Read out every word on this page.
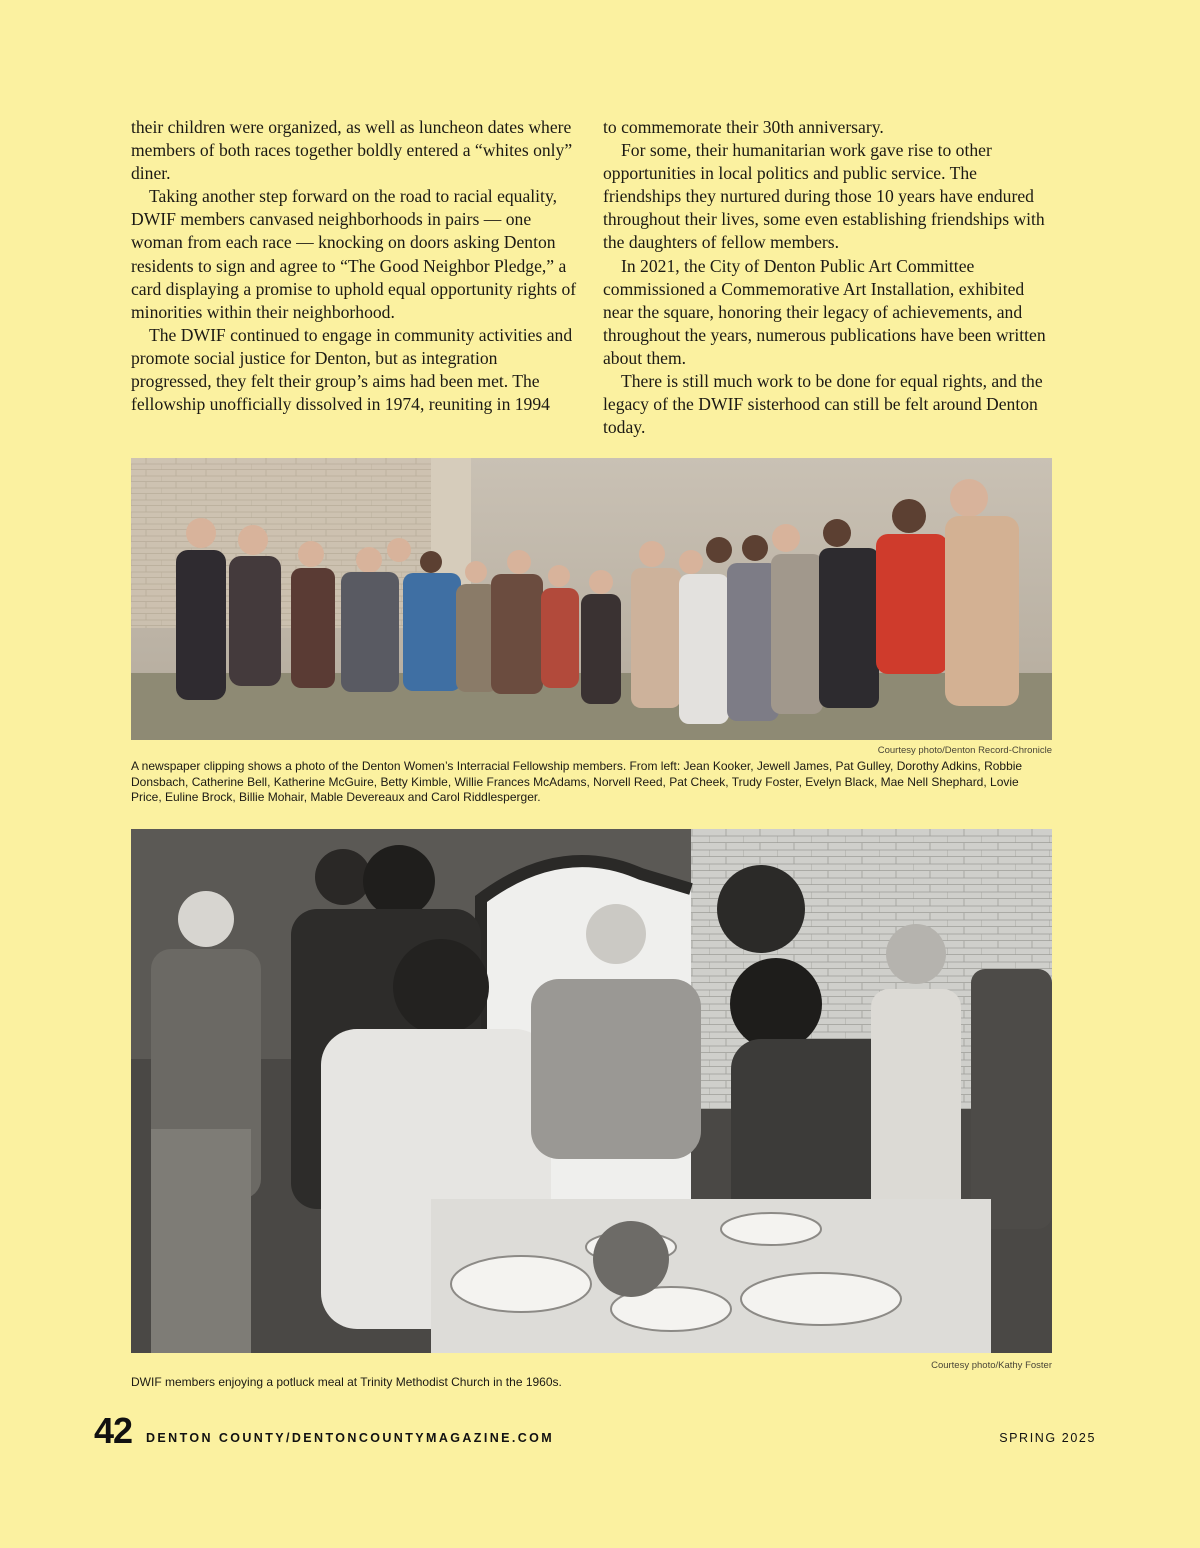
their children were organized, as well as luncheon dates where members of both races together boldly entered a “whites only” diner.

Taking another step forward on the road to racial equality, DWIF members canvased neighborhoods in pairs — one woman from each race — knocking on doors asking Denton residents to sign and agree to “The Good Neighbor Pledge,” a card displaying a promise to uphold equal opportunity rights of minorities within their neighborhood.

The DWIF continued to engage in community activities and promote social justice for Denton, but as integration progressed, they felt their group’s aims had been met. The fellowship unofficially dissolved in 1974, reuniting in 1994

to commemorate their 30th anniversary.

For some, their humanitarian work gave rise to other opportunities in local politics and public service. The friendships they nurtured during those 10 years have endured throughout their lives, some even establishing friendships with the daughters of fellow members.

In 2021, the City of Denton Public Art Committee commissioned a Commemorative Art Installation, exhibited near the square, honoring their legacy of achievements, and throughout the years, numerous publications have been written about them.

There is still much work to be done for equal rights, and the legacy of the DWIF sisterhood can still be felt around Denton today.

Courtesy photo/Denton Record-Chronicle
A newspaper clipping shows a photo of the Denton Women’s Interracial Fellowship members. From left: Jean Kooker, Jewell James, Pat Gulley, Dorothy Adkins, Robbie Donsbach, Catherine Bell, Katherine McGuire, Betty Kimble, Willie Frances McAdams, Norvell Reed, Pat Cheek, Trudy Foster, Evelyn Black, Mae Nell Shephard, Lovie Price, Euline Brock, Billie Mohair, Mable Devereaux and Carol Riddlesperger.
Courtesy photo/Kathy Foster
DWIF members enjoying a potluck meal at Trinity Methodist Church in the 1960s.
42 DENTON COUNTY/DENTONCOUNTYMAGAZINE.COM	SPRING 2025
